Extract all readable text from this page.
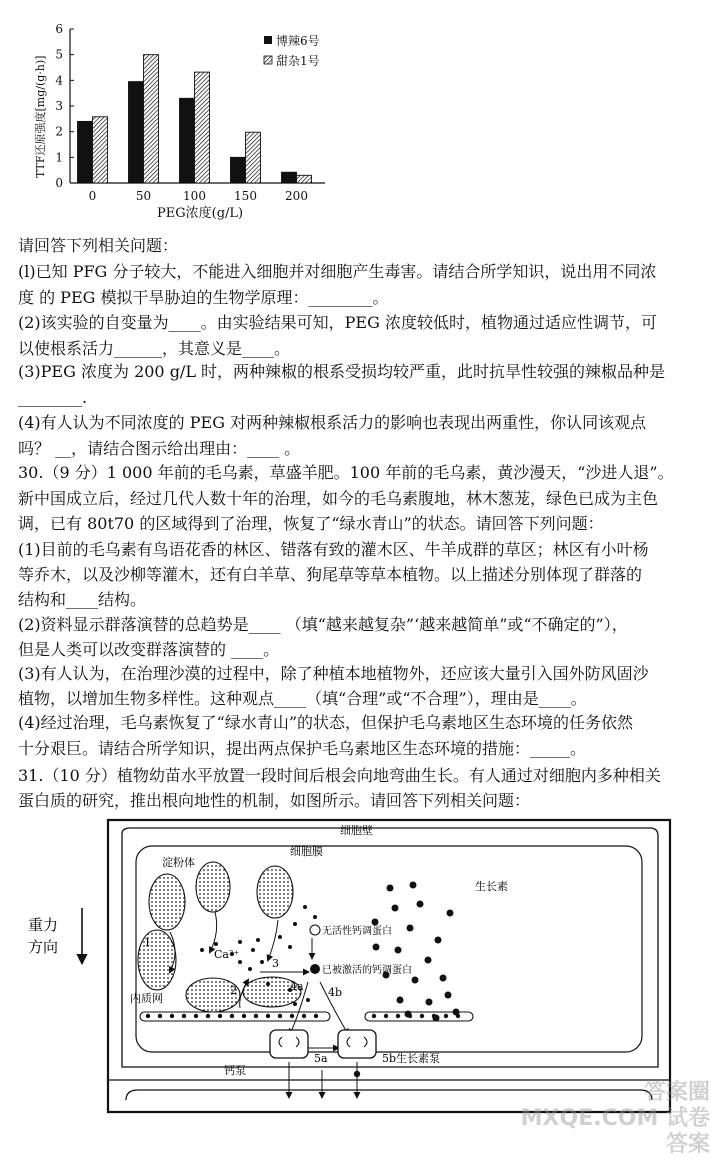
0
1
2
3
4
5
6
0	50	100 150 200
TTF还原强度[mg/(g·h)]
PEG浓度(g/L)
博辣6号
甜杂1号
请回答下列相关问题：
(l)已知 PFG 分子较大，不能进入细胞并对细胞产生毒害。请结合所学知识，说出用不同浓
度 的 PEG 模拟干旱胁迫的生物学原理：________。
(2)该实验的自变量为____。由实验结果可知，PEG 浓度较低时，植物通过适应性调节，可
以使根系活力______，其意义是____。
(3)PEG 浓度为 200 g/L 时，两种辣椒的根系受损均较严重，此时抗旱性较强的辣椒品种是
________.
(4)有人认为不同浓度的 PEG 对两种辣椒根系活力的影响也表现出两重性，你认同该观点
吗？ __，请结合图示给出理由：____ 。
30.（9 分）1 000 年前的毛乌素，草盛羊肥。100 年前的毛乌素，黄沙漫天，“沙进人退”。
新中国成立后，经过几代人数十年的治理，如今的毛乌素腹地，林木葱茏，绿色已成为主色
调，已有 80t70 的区域得到了治理，恢复了“绿水青山”的状态。请回答下列问题：
(1)目前的毛乌素有鸟语花香的林区、错落有致的灌木区、牛羊成群的草区；林区有小叶杨
等乔木，以及沙柳等灌木，还有白羊草、狗尾草等草本植物。以上描述分别体现了群落的
结构和____结构。
(2)资料显示群落演替的总趋势是____ （填“越来越复杂”‘越来越简单”或“不确定的”），
但是人类可以改变群落演替的 ____。
(3)有人认为，在治理沙漠的过程中，除了种植本地植物外，还应该大量引入国外防风固沙
植物，以增加生物多样性。这种观点____（填“合理”或“不合理”），理由是____。
(4)经过治理，毛乌素恢复了“绿水青山”的状态，但保护毛乌素地区生态环境的任务依然
十分艰巨。请结合所学知识，提出两点保护毛乌素地区生态环境的措施：_____。
31.（10 分）植物幼苗水平放置一段时间后根会向地弯曲生长。有人通过对细胞内多种相关
蛋白质的研究，推出根向地性的机制，如图所示。请回答下列相关问题：
细胞壁
细胞膜
淀粉体
生长素
无活性钙调蛋白
已被激活的钙调蛋白
Ca²⁺
内质网
1
2
3
4a 4b
钙泵
5a	5b 生长素泵
重力
方向
答案圈 MXQE.COM 试卷答案
